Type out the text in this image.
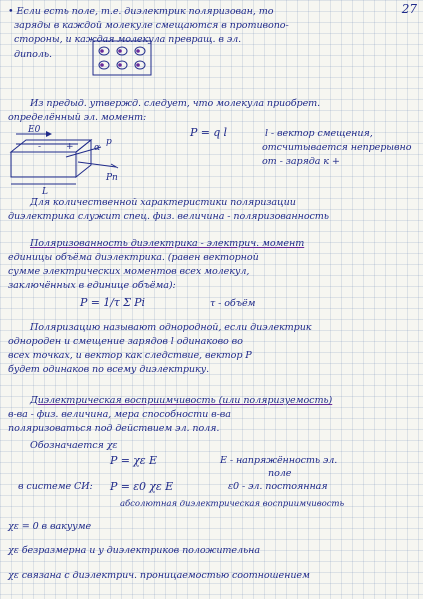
27
• Если есть поле, т.е. диэлектрик поляризован, то
заряды в каждой молекуле смещаются в противопо-
стороны, и каждая молекула превращ. в эл.
диполь.
Из предыд. утвержд. следует, что молекула приобрет.
определённый эл. момент:
P = q l	l - вектор смещения,
отсчитывается непрерывно
от - заряда к +
E0
-	+ α
p
Pn
L
Для количественной характеристики поляризации
диэлектрика служит спец. физ. величина - поляризованность
Поляризованность диэлектрика - электрич. момент
единицы объёма диэлектрика. (равен векторной
сумме электрических моментов всех молекул,
заключённых в единице объёма):
P = 1/τ Σ Pi	τ - объём
Поляризацию называют однородной, если диэлектрик
однороден и смещение зарядов l одинаково во
всех точках, и вектор как следствие, вектор P
будет одинаков по всему диэлектрику.
Диэлектрическая восприимчивость (или поляризуемость)
в-ва - физ. величина, мера способности в-ва
поляризоваться под действием эл. поля.
Обозначается χε
P = χε E	E - напряжённость эл.
поле
в системе СИ: P = ε0 χε E	ε0 - эл. постоянная
абсолютная диэлектрическая восприимчивость
χε = 0 в вакууме
χε безразмерна и у диэлектриков положительна
χε связана с диэлектрич. проницаемостью соотношением
